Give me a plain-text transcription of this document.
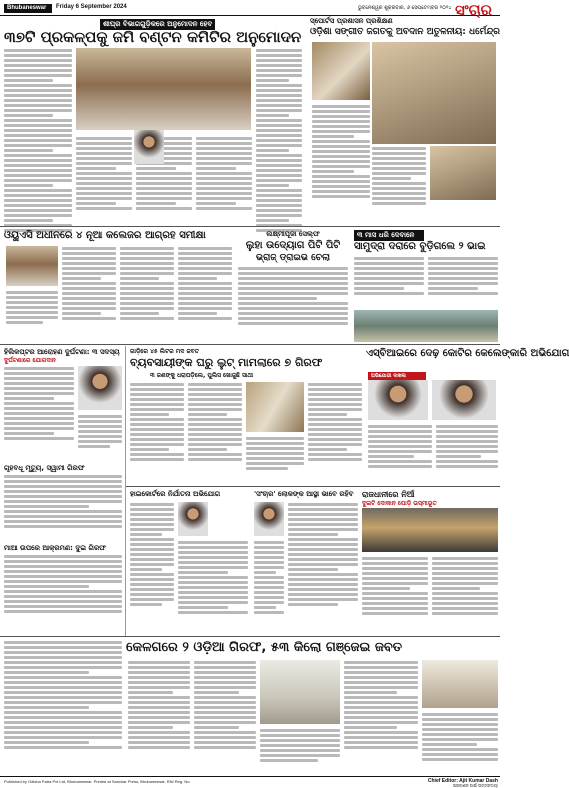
Bhubaneswar	Friday 6 September 2024	ଭୁବନେଶ୍ୱର ଶୁକ୍ରବାର, ୬ ସେପ୍ଟେମ୍ବର ୨୦୨୪ ସଂଚାର
ଶୀଘ୍ର ବିଭାଗଗୁଡ଼ିକରେ ଅନୁମୋଦନ ହେବ
୩୭ଟି ପ୍ରକଳ୍ପକୁ ଜମି ବଣ୍ଟନ କମିଟିର ଅନୁମୋଦନ
ସ୍ପୋର୍ଟସ ପ୍ରଶାସନ ପ୍ରଶିକ୍ଷଣ
ଓଡ଼ିଶା ସଙ୍ଗୀତ ଜଗତକୁ ଅବଦାନ ଅତୁଳନୀୟ: ଧର୍ମେନ୍ଦ୍ର
ଓୟୁଏସି ଅଧୀନରେ ୪ ନୂଆ କଲେଜର ଆଗ୍ରହ ସମୀକ୍ଷା	ଲକ୍ଷ୍ମୀପୂଜା ସେଲ୍ଫ
ଲୁହା ଉଦ୍ୟୋଗ ପିଟି ପିଟି
ଭ୍ରାଜ୍ ଡ୍ରାଇଭ ଚେଲା
୩ ମାସ ଧରି ଦେବାନେ
ସାମୁଦ୍ରା ଦରାରେ ବୁଡ଼ିଗଲେ ୨ ଭାଇ
ହିଲିକପ୍ଟର ଆରୋହଣ ଦୁର୍ଘଟଣା: ୩ ସଦସ୍ୟ
ଦୁର୍ଘଟଣାରେ ଯୋଗଦାନ
ଗୃହବଧୂ ମୃତ୍ୟୁ, ସ୍ୱାମୀ ଗିରଫ
ମାଆ ଉପରେ ଆକ୍ରମଣ: ଦୁଇ ଗିରଫ
ଗାଡ଼ିରେ ୪୫ ଲିଟର ମଦ ଜବତ
ବ୍ୟବସାୟୀଙ୍କ ଘରୁ ଲୁଟ୍ ମାମଲାରେ ୭ ଗିରଫ
୩ ଜଣଙ୍କୁ ଧରାପଡ଼ିଲେ, ପୁଲିସ ଖୋଜୁଛି ସାଥୀ
ଏସ୍‌ବିଆଇରେ ଦେଢ଼ କୋଟିର କେଲେଙ୍କାରି ଅଭିଯୋଗ
ଅଭିଯୋଗୀ ଦାଖଲ
ହାଇକୋର୍ଟରେ ନିର୍ଯାତନା ଅଭିଯୋଗ	'ସଂଚାର' ଲୋକଙ୍କ ଆସ୍ଥା ଭାବେ ରହିବ	ରାଜଧାନୀରେ ନିଆଁ
ଦୁଇଟି ଦୋକାନ ପୋଡ଼ି ଭସ୍ମୀଭୂତ
କେଳଗରେ ୨ ଓଡ଼ିଆ ଗିରଫ, ୫୩ କିଲୋ ଗଞ୍ଜେଇ ଜବତ
Published by Odisha Patra Pvt Ltd, Bhubaneswar. Printed at Sanchar Press, Bhubaneswar. RNI Reg. No.	Chief Editor: Ajit Kumar Dash
ପ୍ରକାଶନ ପାଇଁ ଉତ୍ତରଦାୟୀ
